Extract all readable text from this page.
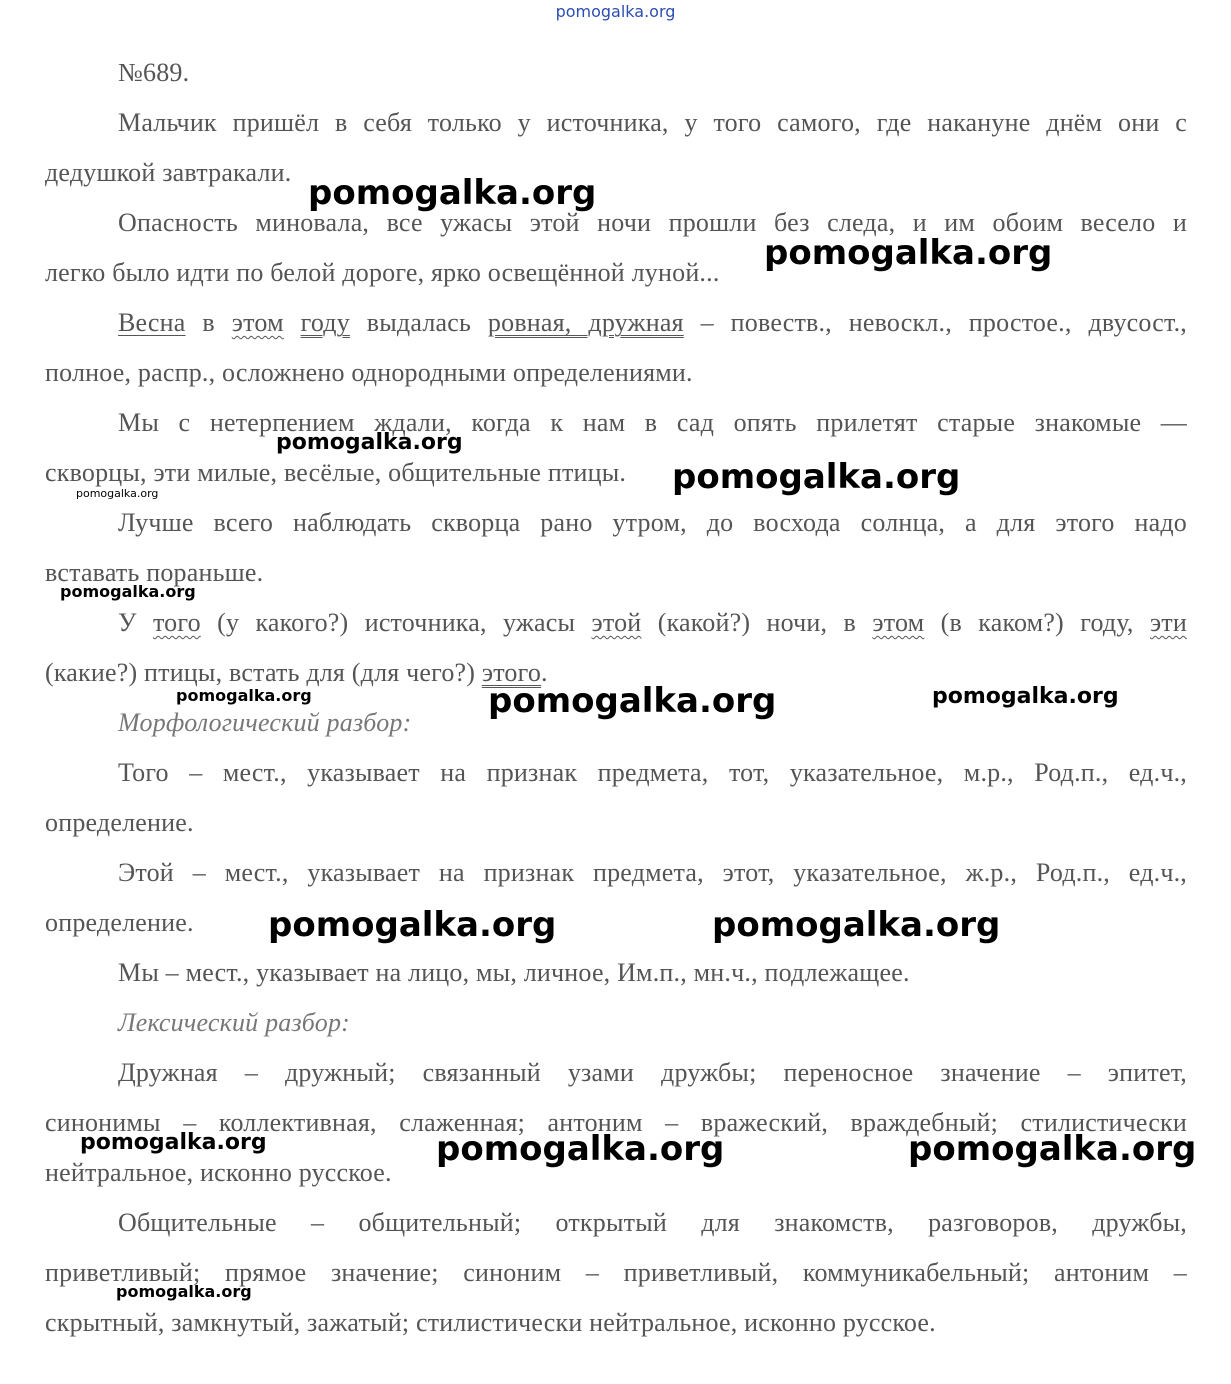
pomogalka.org
№689.
Мальчик пришёл в себя только у источника, у того самого, где накануне днём они с
дедушкой завтракали.
Опасность миновала, все ужасы этой ночи прошли без следа, и им обоим весело и
легко было идти по белой дороге, ярко освещённой луной...
Весна в этом году выдалась ровная, дружная – повеств., невоскл., простое., двусост.,
полное, распр., осложнено однородными определениями.
Мы с нетерпением ждали, когда к нам в сад опять прилетят старые знакомые —
скворцы, эти милые, весёлые, общительные птицы.
Лучше всего наблюдать скворца рано утром, до восхода солнца, а для этого надо
вставать пораньше.
У того (у какого?) источника, ужасы этой (какой?) ночи, в этом (в каком?) году, эти
(какие?) птицы, встать для (для чего?) этого.
Морфологический разбор:
Того – мест., указывает на признак предмета, тот, указательное, м.р., Род.п., ед.ч.,
определение.
Этой – мест., указывает на признак предмета, этот, указательное, ж.р., Род.п., ед.ч.,
определение.
Мы – мест., указывает на лицо, мы, личное, Им.п., мн.ч., подлежащее.
Лексический разбор:
Дружная – дружный; связанный узами дружбы; переносное значение – эпитет,
синонимы – коллективная, слаженная; антоним – вражеский, враждебный; стилистически
нейтральное, исконно русское.
Общительные – общительный; открытый для знакомств, разговоров, дружбы,
приветливый; прямое значение; синоним – приветливый, коммуникабельный; антоним –
скрытный, замкнутый, зажатый; стилистически нейтральное, исконно русское.
pomogalka.org
pomogalka.org
pomogalka.org
pomogalka.org
pomogalka.org
pomogalka.org
pomogalka.org	pomogalka.org	pomogalka.org
pomogalka.org	pomogalka.org
pomogalka.org	pomogalka.org	pomogalka.org
pomogalka.org
